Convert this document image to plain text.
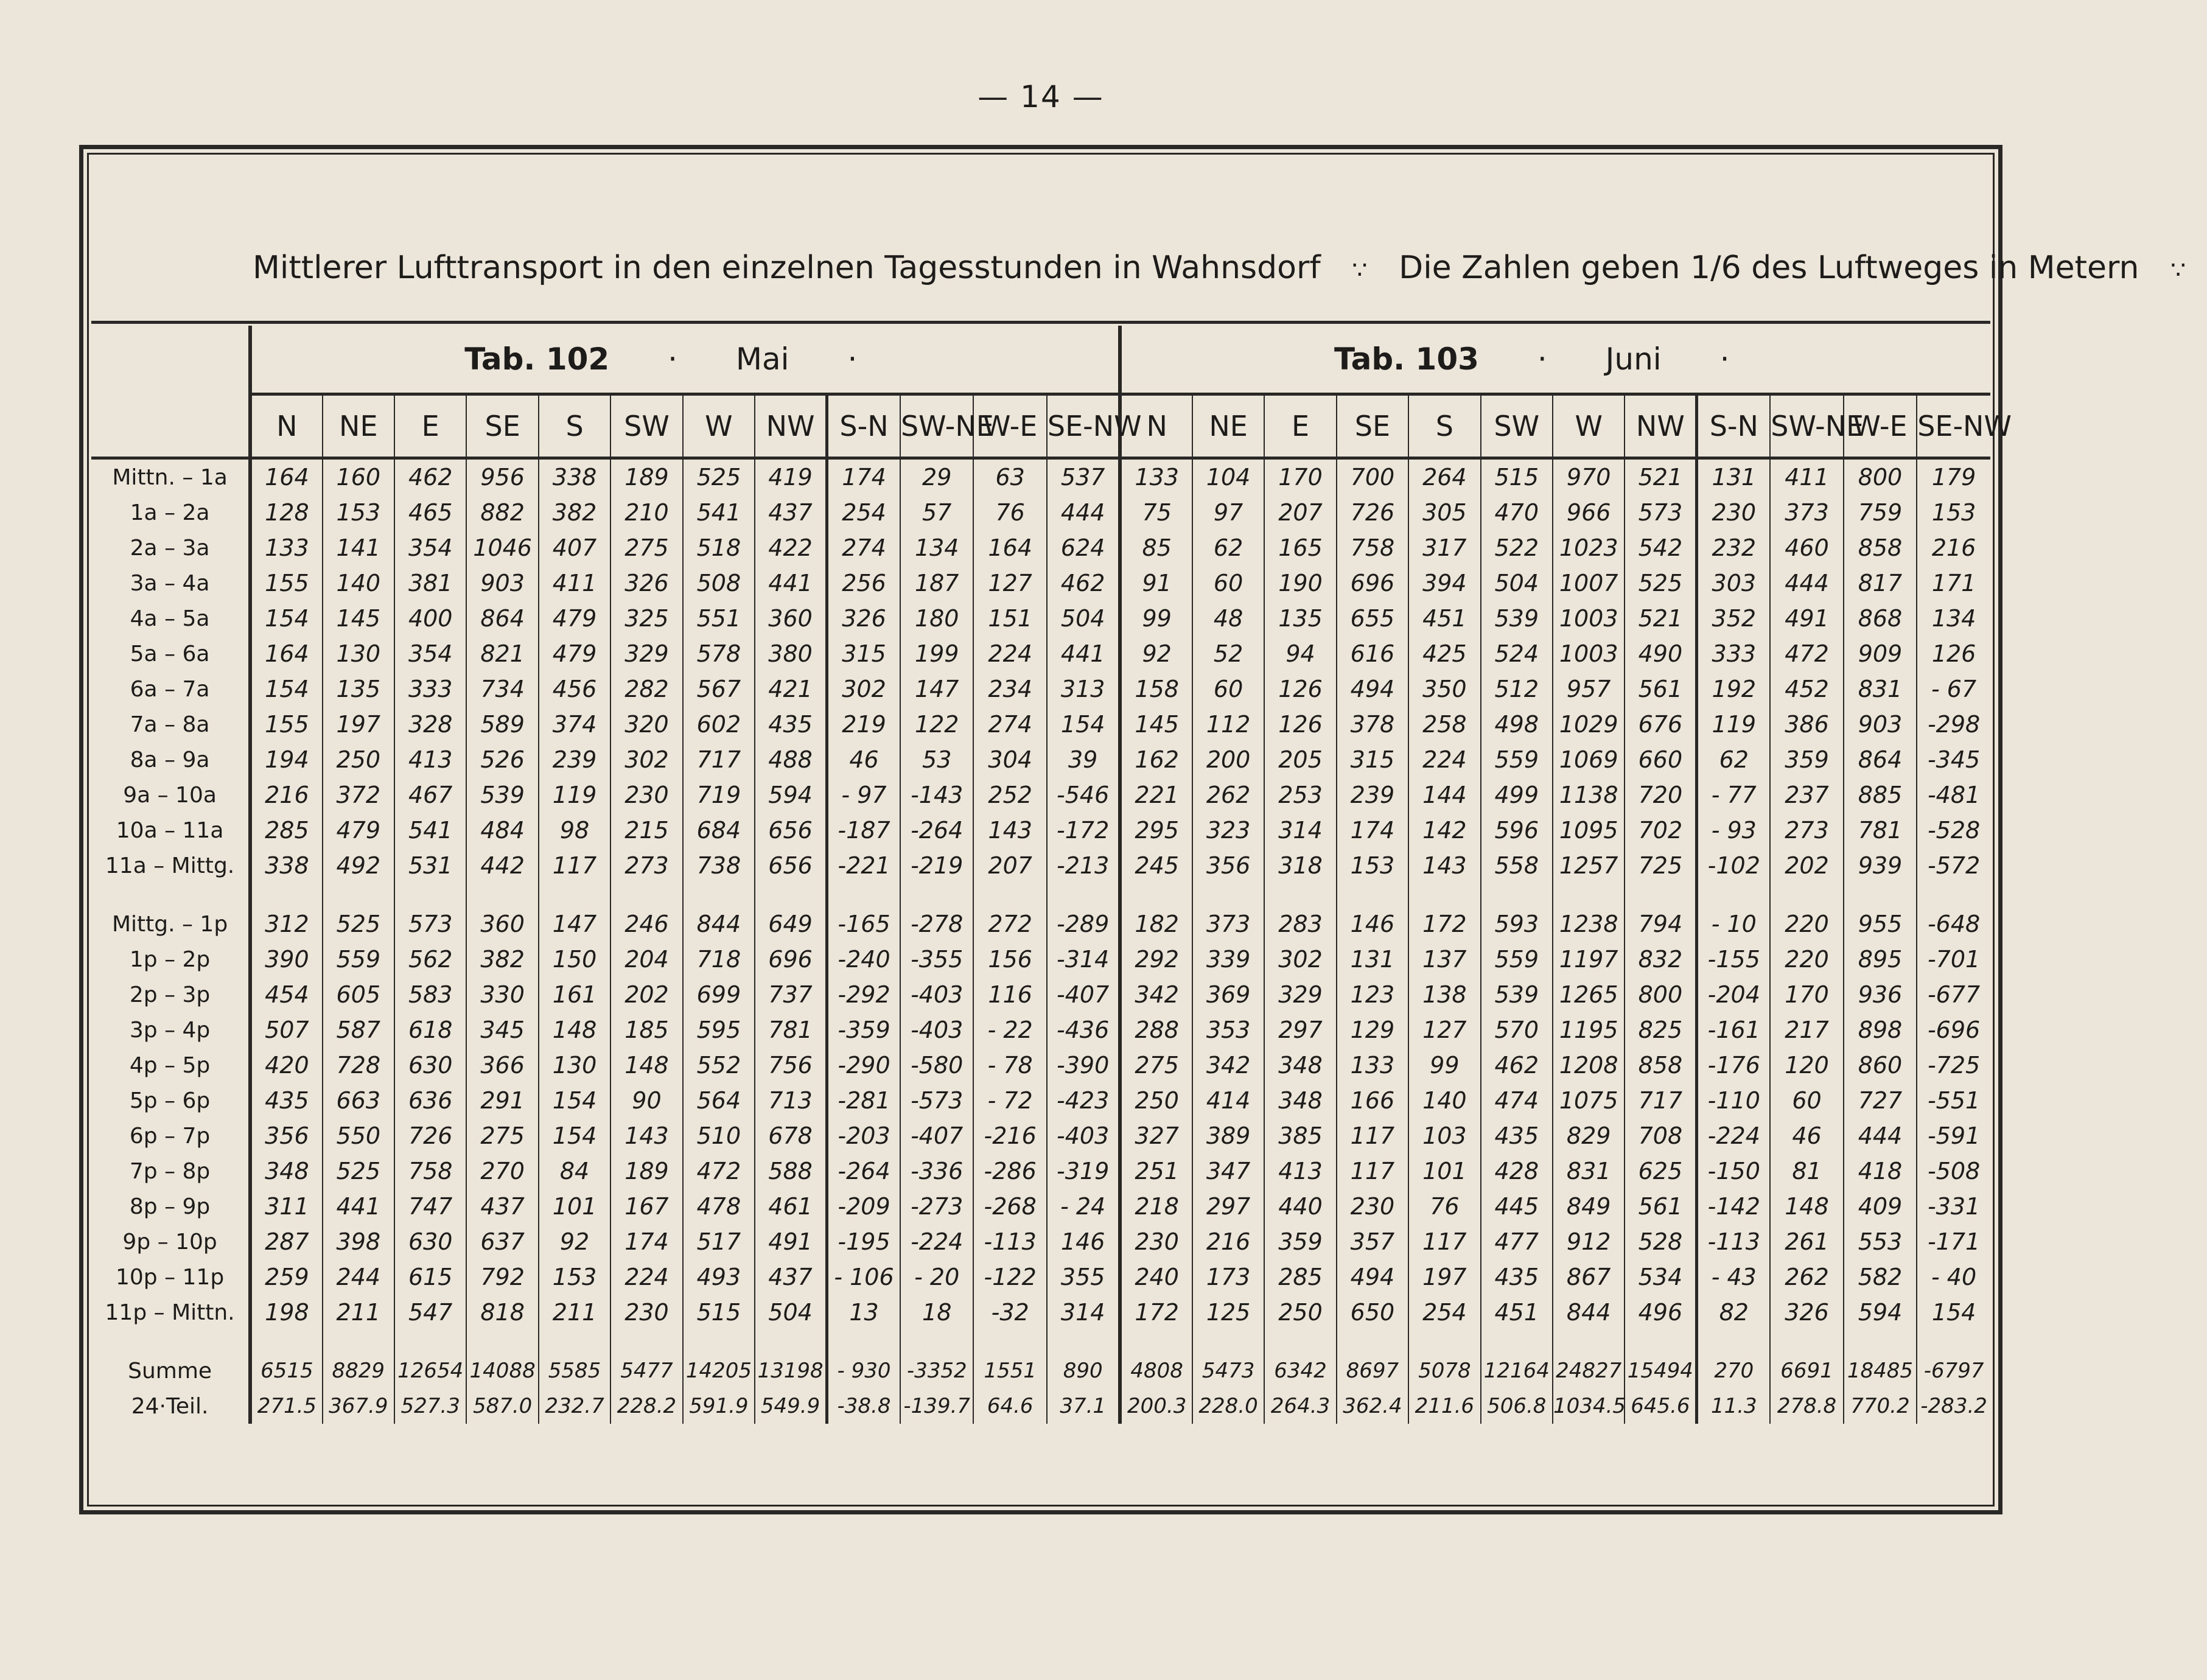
— 14 —
Mittlerer Lufttransport in den einzelnen Tagesstunden in Wahnsdorf ∵ Die Zahlen geben 1/6 des Luftweges in Metern ∵
	Tab. 102 · Mai ·												Tab. 103 · Juni ·											
	N	NE	E	SE	S	SW	W	NW	S-N	SW-NE	W-E	SE-NW	N	NE	E	SE	S	SW	W	NW	S-N	SW-NE	W-E	SE-NW
Mittn. – 1a	164	160	462	956	338	189	525	419	174	29	63	537	133	104	170	700	264	515	970	521	131	411	800	179
1a – 2a	128	153	465	882	382	210	541	437	254	57	76	444	75	97	207	726	305	470	966	573	230	373	759	153
2a – 3a	133	141	354	1046	407	275	518	422	274	134	164	624	85	62	165	758	317	522	1023	542	232	460	858	216
3a – 4a	155	140	381	903	411	326	508	441	256	187	127	462	91	60	190	696	394	504	1007	525	303	444	817	171
4a – 5a	154	145	400	864	479	325	551	360	326	180	151	504	99	48	135	655	451	539	1003	521	352	491	868	134
5a – 6a	164	130	354	821	479	329	578	380	315	199	224	441	92	52	94	616	425	524	1003	490	333	472	909	126
6a – 7a	154	135	333	734	456	282	567	421	302	147	234	313	158	60	126	494	350	512	957	561	192	452	831	- 67
7a – 8a	155	197	328	589	374	320	602	435	219	122	274	154	145	112	126	378	258	498	1029	676	119	386	903	-298
8a – 9a	194	250	413	526	239	302	717	488	46	53	304	39	162	200	205	315	224	559	1069	660	62	359	864	-345
9a – 10a	216	372	467	539	119	230	719	594	- 97	-143	252	-546	221	262	253	239	144	499	1138	720	- 77	237	885	-481
10a – 11a	285	479	541	484	98	215	684	656	-187	-264	143	-172	295	323	314	174	142	596	1095	702	- 93	273	781	-528
11a – Mittg.	338	492	531	442	117	273	738	656	-221	-219	207	-213	245	356	318	153	143	558	1257	725	-102	202	939	-572

Mittg. – 1p	312	525	573	360	147	246	844	649	-165	-278	272	-289	182	373	283	146	172	593	1238	794	- 10	220	955	-648
1p – 2p	390	559	562	382	150	204	718	696	-240	-355	156	-314	292	339	302	131	137	559	1197	832	-155	220	895	-701
2p – 3p	454	605	583	330	161	202	699	737	-292	-403	116	-407	342	369	329	123	138	539	1265	800	-204	170	936	-677
3p – 4p	507	587	618	345	148	185	595	781	-359	-403	- 22	-436	288	353	297	129	127	570	1195	825	-161	217	898	-696
4p – 5p	420	728	630	366	130	148	552	756	-290	-580	- 78	-390	275	342	348	133	99	462	1208	858	-176	120	860	-725
5p – 6p	435	663	636	291	154	90	564	713	-281	-573	- 72	-423	250	414	348	166	140	474	1075	717	-110	60	727	-551
6p – 7p	356	550	726	275	154	143	510	678	-203	-407	-216	-403	327	389	385	117	103	435	829	708	-224	46	444	-591
7p – 8p	348	525	758	270	84	189	472	588	-264	-336	-286	-319	251	347	413	117	101	428	831	625	-150	81	418	-508
8p – 9p	311	441	747	437	101	167	478	461	-209	-273	-268	- 24	218	297	440	230	76	445	849	561	-142	148	409	-331
9p – 10p	287	398	630	637	92	174	517	491	-195	-224	-113	146	230	216	359	357	117	477	912	528	-113	261	553	-171
10p – 11p	259	244	615	792	153	224	493	437	- 106	- 20	-122	355	240	173	285	494	197	435	867	534	- 43	262	582	- 40
11p – Mittn.	198	211	547	818	211	230	515	504	13	18	-32	314	172	125	250	650	254	451	844	496	82	326	594	154

Summe	6515	8829	12654	14088	5585	5477	14205	13198	- 930	-3352	1551	890	4808	5473	6342	8697	5078	12164	24827	15494	270	6691	18485	-6797
24·Teil.	271.5	367.9	527.3	587.0	232.7	228.2	591.9	549.9	-38.8	-139.7	64.6	37.1	200.3	228.0	264.3	362.4	211.6	506.8	1034.5	645.6	11.3	278.8	770.2	-283.2
